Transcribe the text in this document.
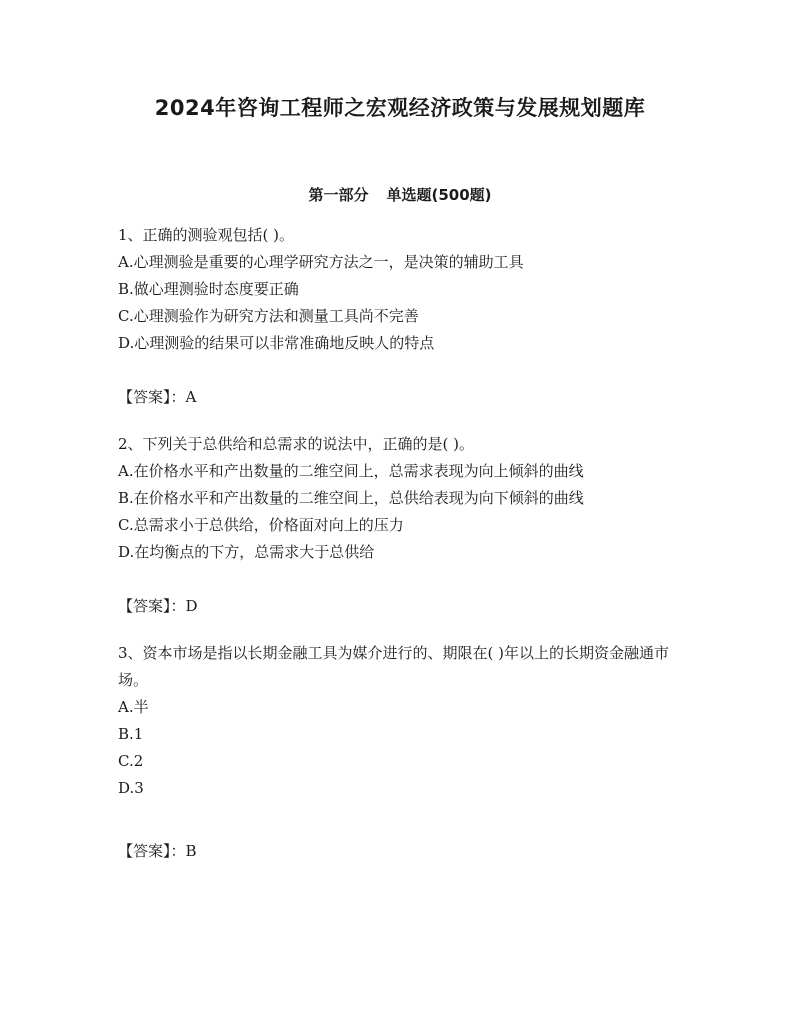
2024年咨询工程师之宏观经济政策与发展规划题库
第一部分 单选题(500题)
1、正确的测验观包括( )。
A.心理测验是重要的心理学研究方法之一，是决策的辅助工具
B.做心理测验时态度要正确
C.心理测验作为研究方法和测量工具尚不完善
D.心理测验的结果可以非常准确地反映人的特点
【答案】：A
2、下列关于总供给和总需求的说法中，正确的是( )。
A.在价格水平和产出数量的二维空间上，总需求表现为向上倾斜的曲线
B.在价格水平和产出数量的二维空间上，总供给表现为向下倾斜的曲线
C.总需求小于总供给，价格面对向上的压力
D.在均衡点的下方，总需求大于总供给
【答案】：D
3、资本市场是指以长期金融工具为媒介进行的、期限在( )年以上的长期资金融通市场。
A.半
B.1
C.2
D.3
【答案】：B
